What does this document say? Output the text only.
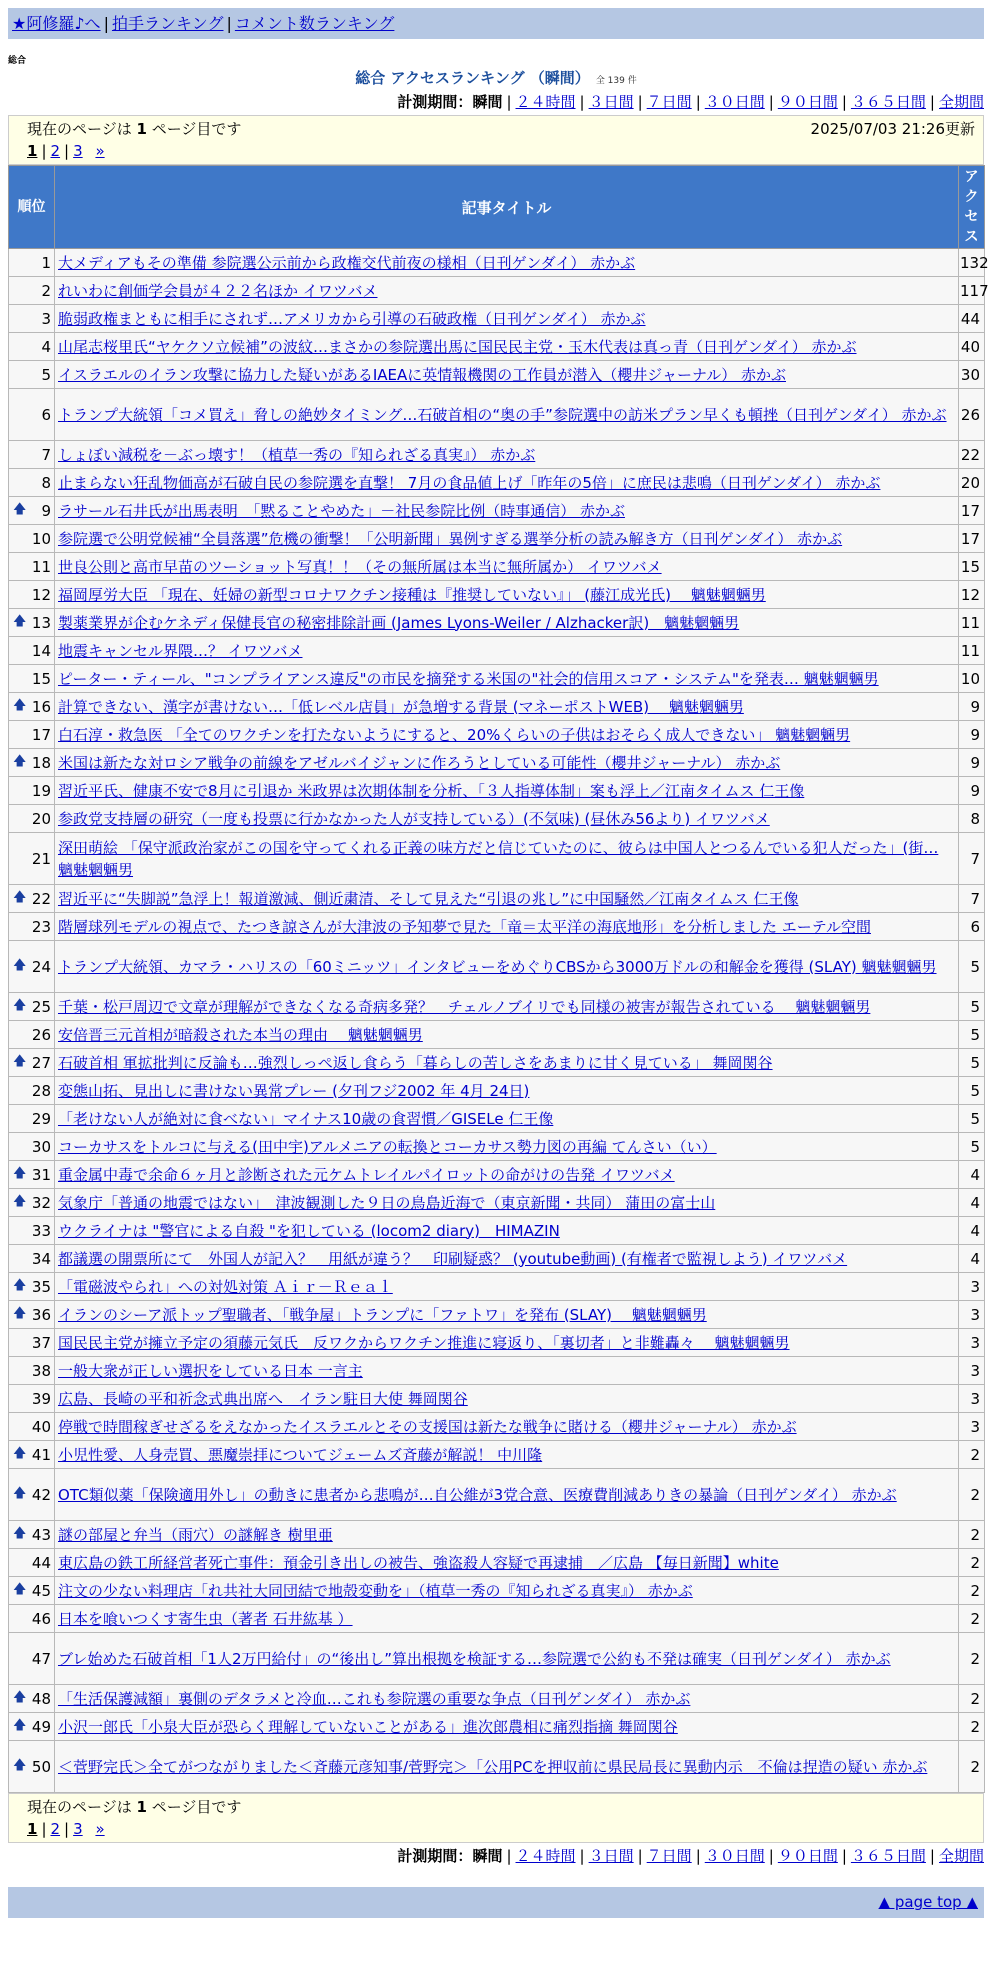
★阿修羅♪へ | 拍手ランキング | コメント数ランキング
総合
総合 アクセスランキング （瞬間） 全 139 件
計測期間：瞬間 | ２４時間 | ３日間 | ７日間 | ３０日間 | ９０日間 | ３６５日間 | 全期間
現在のページは 1 ページ目です	2025/07/03 21:26更新
1 | 2 | 3 »
順位	記事タイトル	アクセス
1	大メディアもその準備 参院選公示前から政権交代前夜の様相（日刊ゲンダイ） 赤かぶ	132
2	れいわに創価学会員が４２２名ほか イワツバメ	117
3	脆弱政権まともに相手にされず…アメリカから引導の石破政権（日刊ゲンダイ） 赤かぶ	44
4	山尾志桜里氏“ヤケクソ立候補”の波紋…まさかの参院選出馬に国民民主党・玉木代表は真っ青（日刊ゲンダイ） 赤かぶ	40
5	イスラエルのイラン攻撃に協力した疑いがあるIAEAに英情報機関の工作員が潜入（櫻井ジャーナル） 赤かぶ	30
6	トランプ大統領「コメ買え」脅しの絶妙タイミング…石破首相の“奥の手”参院選中の訪米プラン早くも頓挫（日刊ゲンダイ） 赤かぶ	26
7	しょぼい減税を－ぶっ壊す！（植草一秀の『知られざる真実』） 赤かぶ	22
8	止まらない狂乱物価高が石破自民の参院選を直撃！ 7月の食品値上げ「昨年の5倍」に庶民は悲鳴（日刊ゲンダイ） 赤かぶ	20

🡅 9	ラサール石井氏が出馬表明　「黙ることやめた」－社民参院比例（時事通信） 赤かぶ	17
10	参院選で公明党候補“全員落選”危機の衝撃！「公明新聞」異例すぎる選挙分析の読み解き方（日刊ゲンダイ） 赤かぶ	17
11	世良公則と高市早苗のツーショット写真！！（その無所属は本当に無所属か） イワツバメ	15
12	福岡厚労大臣 「現在、妊婦の新型コロナワクチン接種は『推奨していない』」 (藤江成光氏)　 魑魅魍魎男	12

🡅 13	製薬業界が企むケネディ保健長官の秘密排除計画 (James Lyons-Weiler / Alzhacker訳)　魑魅魍魎男	11
14	地震キャンセル界隈…？ イワツバメ	11
15	ピーター・ティール、"コンプライアンス違反"の市民を摘発する米国の"社会的信用スコア・システム"を発表… 魑魅魍魎男	10

🡅 16	計算できない、漢字が書けない…「低レベル店員」が急増する背景 (マネーポストWEB)　 魑魅魍魎男	9
17	白石淳・救急医 「全てのワクチンを打たないようにすると、20%くらいの子供はおそらく成人できない」 魑魅魍魎男	9

🡅 18	米国は新たな対ロシア戦争の前線をアゼルバイジャンに作ろうとしている可能性（櫻井ジャーナル） 赤かぶ	9
19	習近平氏、健康不安で8月に引退か 米政界は次期体制を分析、「３人指導体制」案も浮上／江南タイムス 仁王像	9
20	参政党支持層の研究（一度も投票に行かなかった人が支持している）(不気味) (昼休み56より) イワツバメ	8
21	深田萌絵 「保守派政治家がこの国を守ってくれる正義の味方だと信じていたのに、彼らは中国人とつるんでいる犯人だった」(街… 魑魅魍魎男	7

🡅 22	習近平に“失脚説”急浮上！報道激減、側近粛清、そして見えた“引退の兆し”に中国騒然／江南タイムス 仁王像	7
23	階層球列モデルの視点で、たつき諒さんが大津波の予知夢で見た「竜＝太平洋の海底地形」を分析しました エーテル空間	6

🡅 24	トランプ大統領、カマラ・ハリスの「60ミニッツ」インタビューをめぐりCBSから3000万ドルの和解金を獲得 (SLAY) 魑魅魍魎男	5

🡅 25	千葉・松戸周辺で文章が理解ができなくなる奇病多発？　チェルノブイリでも同様の被害が報告されている　 魑魅魍魎男	5
26	安倍晋三元首相が暗殺された本当の理由　 魑魅魍魎男	5

🡅 27	石破首相 軍拡批判に反論も…強烈しっぺ返し食らう「暮らしの苦しさをあまりに甘く見ている」 舞岡関谷	5
28	変態山拓、見出しに書けない異常プレー (夕刊フジ2002 年 4月 24日)	5
29	「老けない人が絶対に食べない」マイナス10歳の食習慣／GISELe 仁王像	5
30	コーカサスをトルコに与える(田中宇)アルメニアの転換とコーカサス勢力図の再編 てんさい（い）	5

🡅 31	重金属中毒で余命６ヶ月と診断された元ケムトレイルパイロットの命がけの告発 イワツバメ	4

🡅 32	気象庁「普通の地震ではない」　津波観測した９日の鳥島近海で（東京新聞・共同） 蒲田の富士山	4
33	ウクライナは "警官による自殺 "を犯している (locom2 diary)　HIMAZIN	4
34	都議選の開票所にて　外国人が記入？　用紙が違う？　印刷疑惑？ (youtube動画) (有権者で監視しよう) イワツバメ	4

🡅 35	「電磁波やられ」への対処対策 Ａｉｒ－Ｒｅａｌ	3

🡅 36	イランのシーア派トップ聖職者、「戦争屋」トランプに「ファトワ」を発布 (SLAY)　 魑魅魍魎男	3
37	国民民主党が擁立予定の須藤元気氏　反ワクからワクチン推進に寝返り、「裏切者」と非難轟々　 魑魅魍魎男	3
38	一般大衆が正しい選択をしている日本 一言主	3
39	広島、長崎の平和祈念式典出席へ　イラン駐日大使 舞岡関谷	3
40	停戦で時間稼ぎせざるをえなかったイスラエルとその支援国は新たな戦争に賭ける（櫻井ジャーナル） 赤かぶ	3

🡅 41	小児性愛、人身売買、悪魔崇拝についてジェームズ斉藤が解説！ 中川隆	2

🡅 42	OTC類似薬「保険適用外し」の動きに患者から悲鳴が…自公維が3党合意、医療費削減ありきの暴論（日刊ゲンダイ） 赤かぶ	2

🡅 43	謎の部屋と弁当（雨穴）の謎解き 樹里亜	2
44	東広島の鉄工所経営者死亡事件：預金引き出しの被告、強盗殺人容疑で再逮捕　／広島 【毎日新聞】white	2

🡅 45	注文の少ない料理店「れ共社大同団結で地殻変動を」（植草一秀の『知られざる真実』） 赤かぶ	2
46	日本を喰いつくす寄生虫（著者 石井紘基 ）	2
47	ブレ始めた石破首相「1人2万円給付」の“後出し”算出根拠を検証する…参院選で公約も不発は確実（日刊ゲンダイ） 赤かぶ	2

🡅 48	「生活保護減額」裏側のデタラメと冷血…これも参院選の重要な争点（日刊ゲンダイ） 赤かぶ	2

🡅 49	小沢一郎氏「小泉大臣が恐らく理解していないことがある」進次郎農相に痛烈指摘 舞岡関谷	2

🡅 50	＜菅野完氏＞全てがつながりました＜斉藤元彦知事/菅野完＞「公用PCを押収前に県民局長に異動内示　不倫は捏造の疑い 赤かぶ	2
現在のページは 1 ページ目です
1 | 2 | 3 »
計測期間：瞬間 | ２４時間 | ３日間 | ７日間 | ３０日間 | ９０日間 | ３６５日間 | 全期間
▲ page top ▲
